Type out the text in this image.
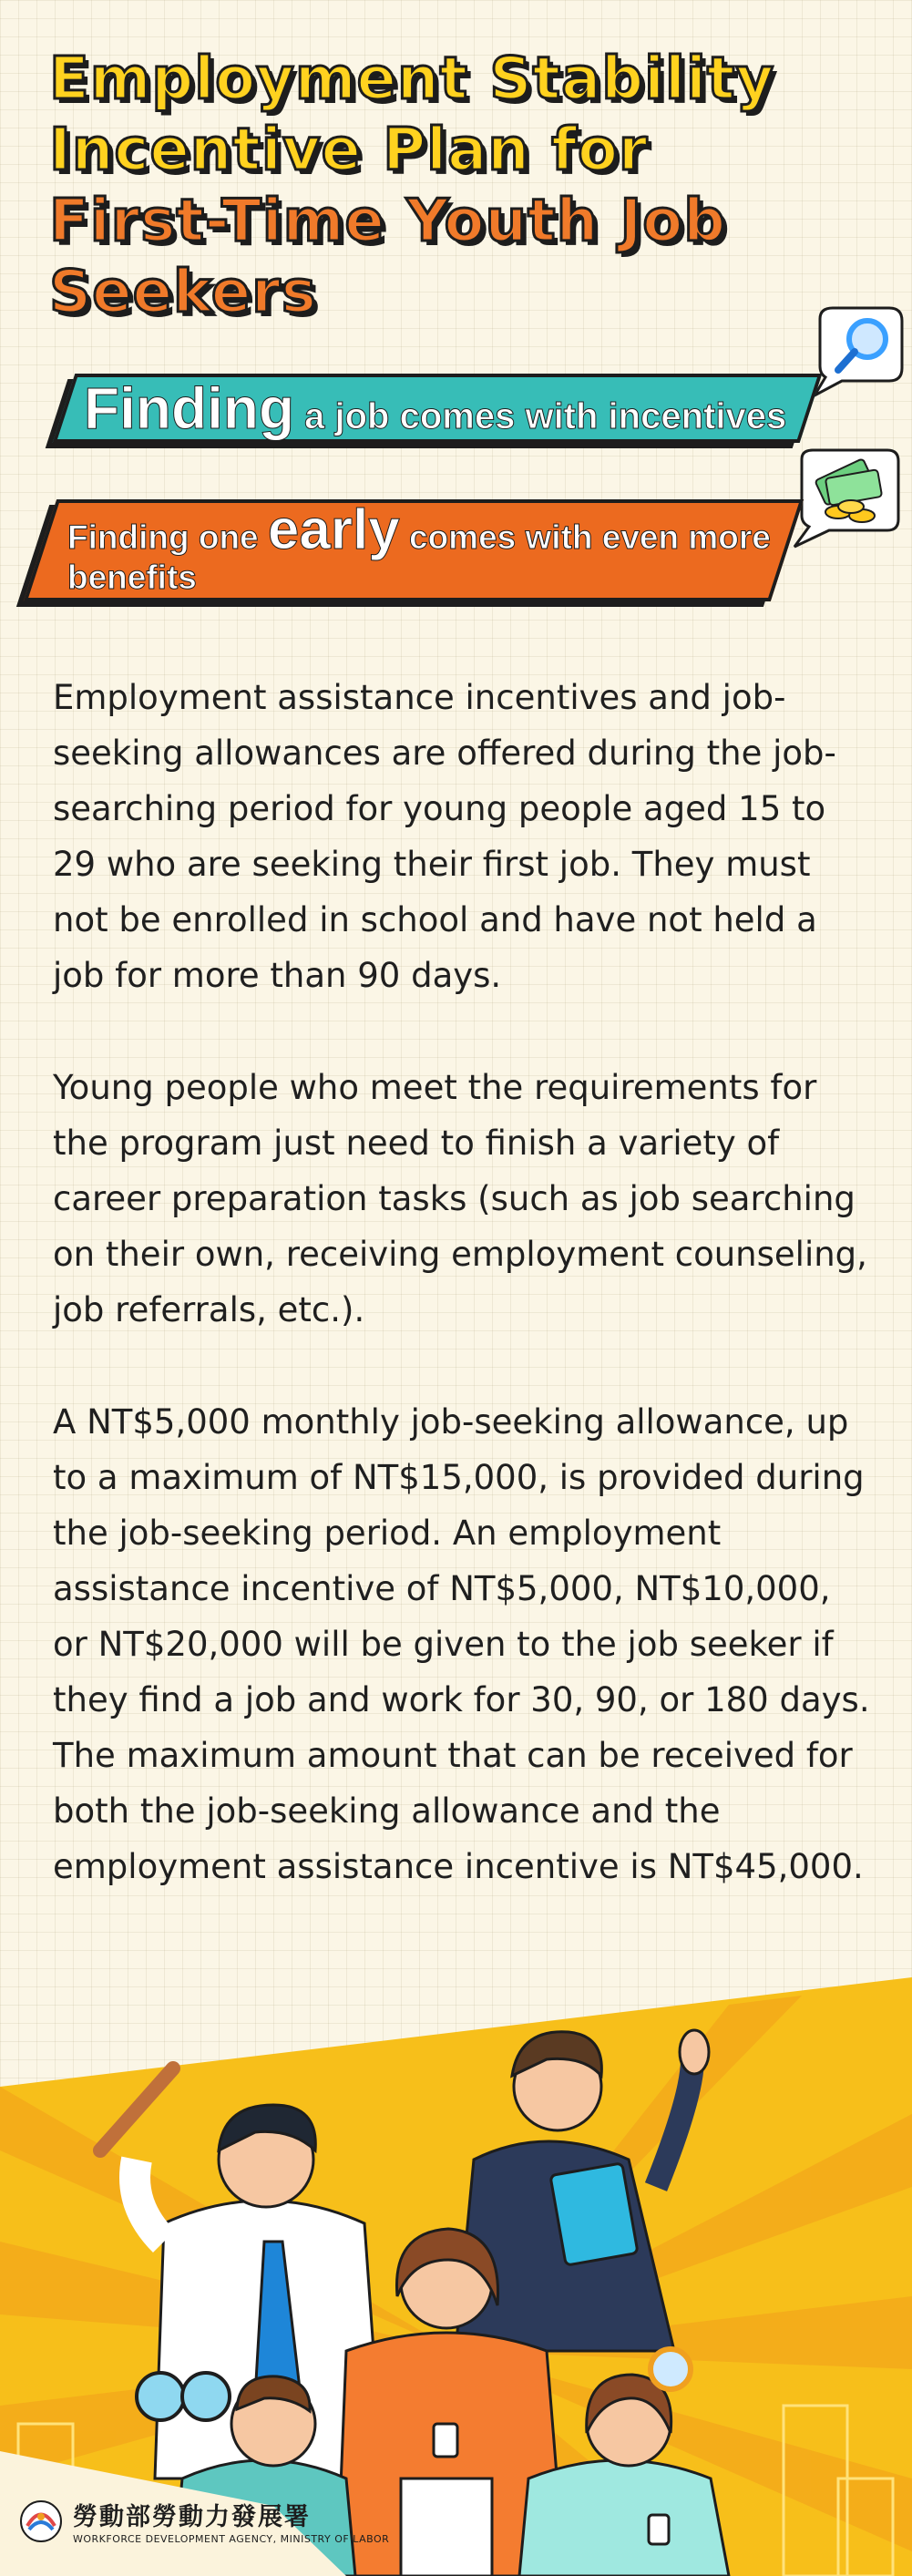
Employment Stability
Incentive Plan for
First-Time Youth Job
Seekers
Finding a job comes with incentives
Finding one early comes with even more benefits

Employment assistance incentives and job-seeking allowances are offered during the job-searching period for young people aged 15 to 29 who are seeking their first job. They must not be enrolled in school and have not held a job for more than 90 days.

Young people who meet the requirements for the program just need to finish a variety of career preparation tasks (such as job searching on their own, receiving employment counseling, job referrals, etc.).

A NT$5,000 monthly job-seeking allowance, up to a maximum of NT$15,000, is provided during the job-seeking period. An employment assistance incentive of NT$5,000, NT$10,000, or NT$20,000 will be given to the job seeker if they find a job and work for 30, 90, or 180 days. The maximum amount that can be received for both the job-seeking allowance and the employment assistance incentive is NT$45,000.

勞動部勞動力發展署
WORKFORCE DEVELOPMENT AGENCY, MINISTRY OF LABOR
